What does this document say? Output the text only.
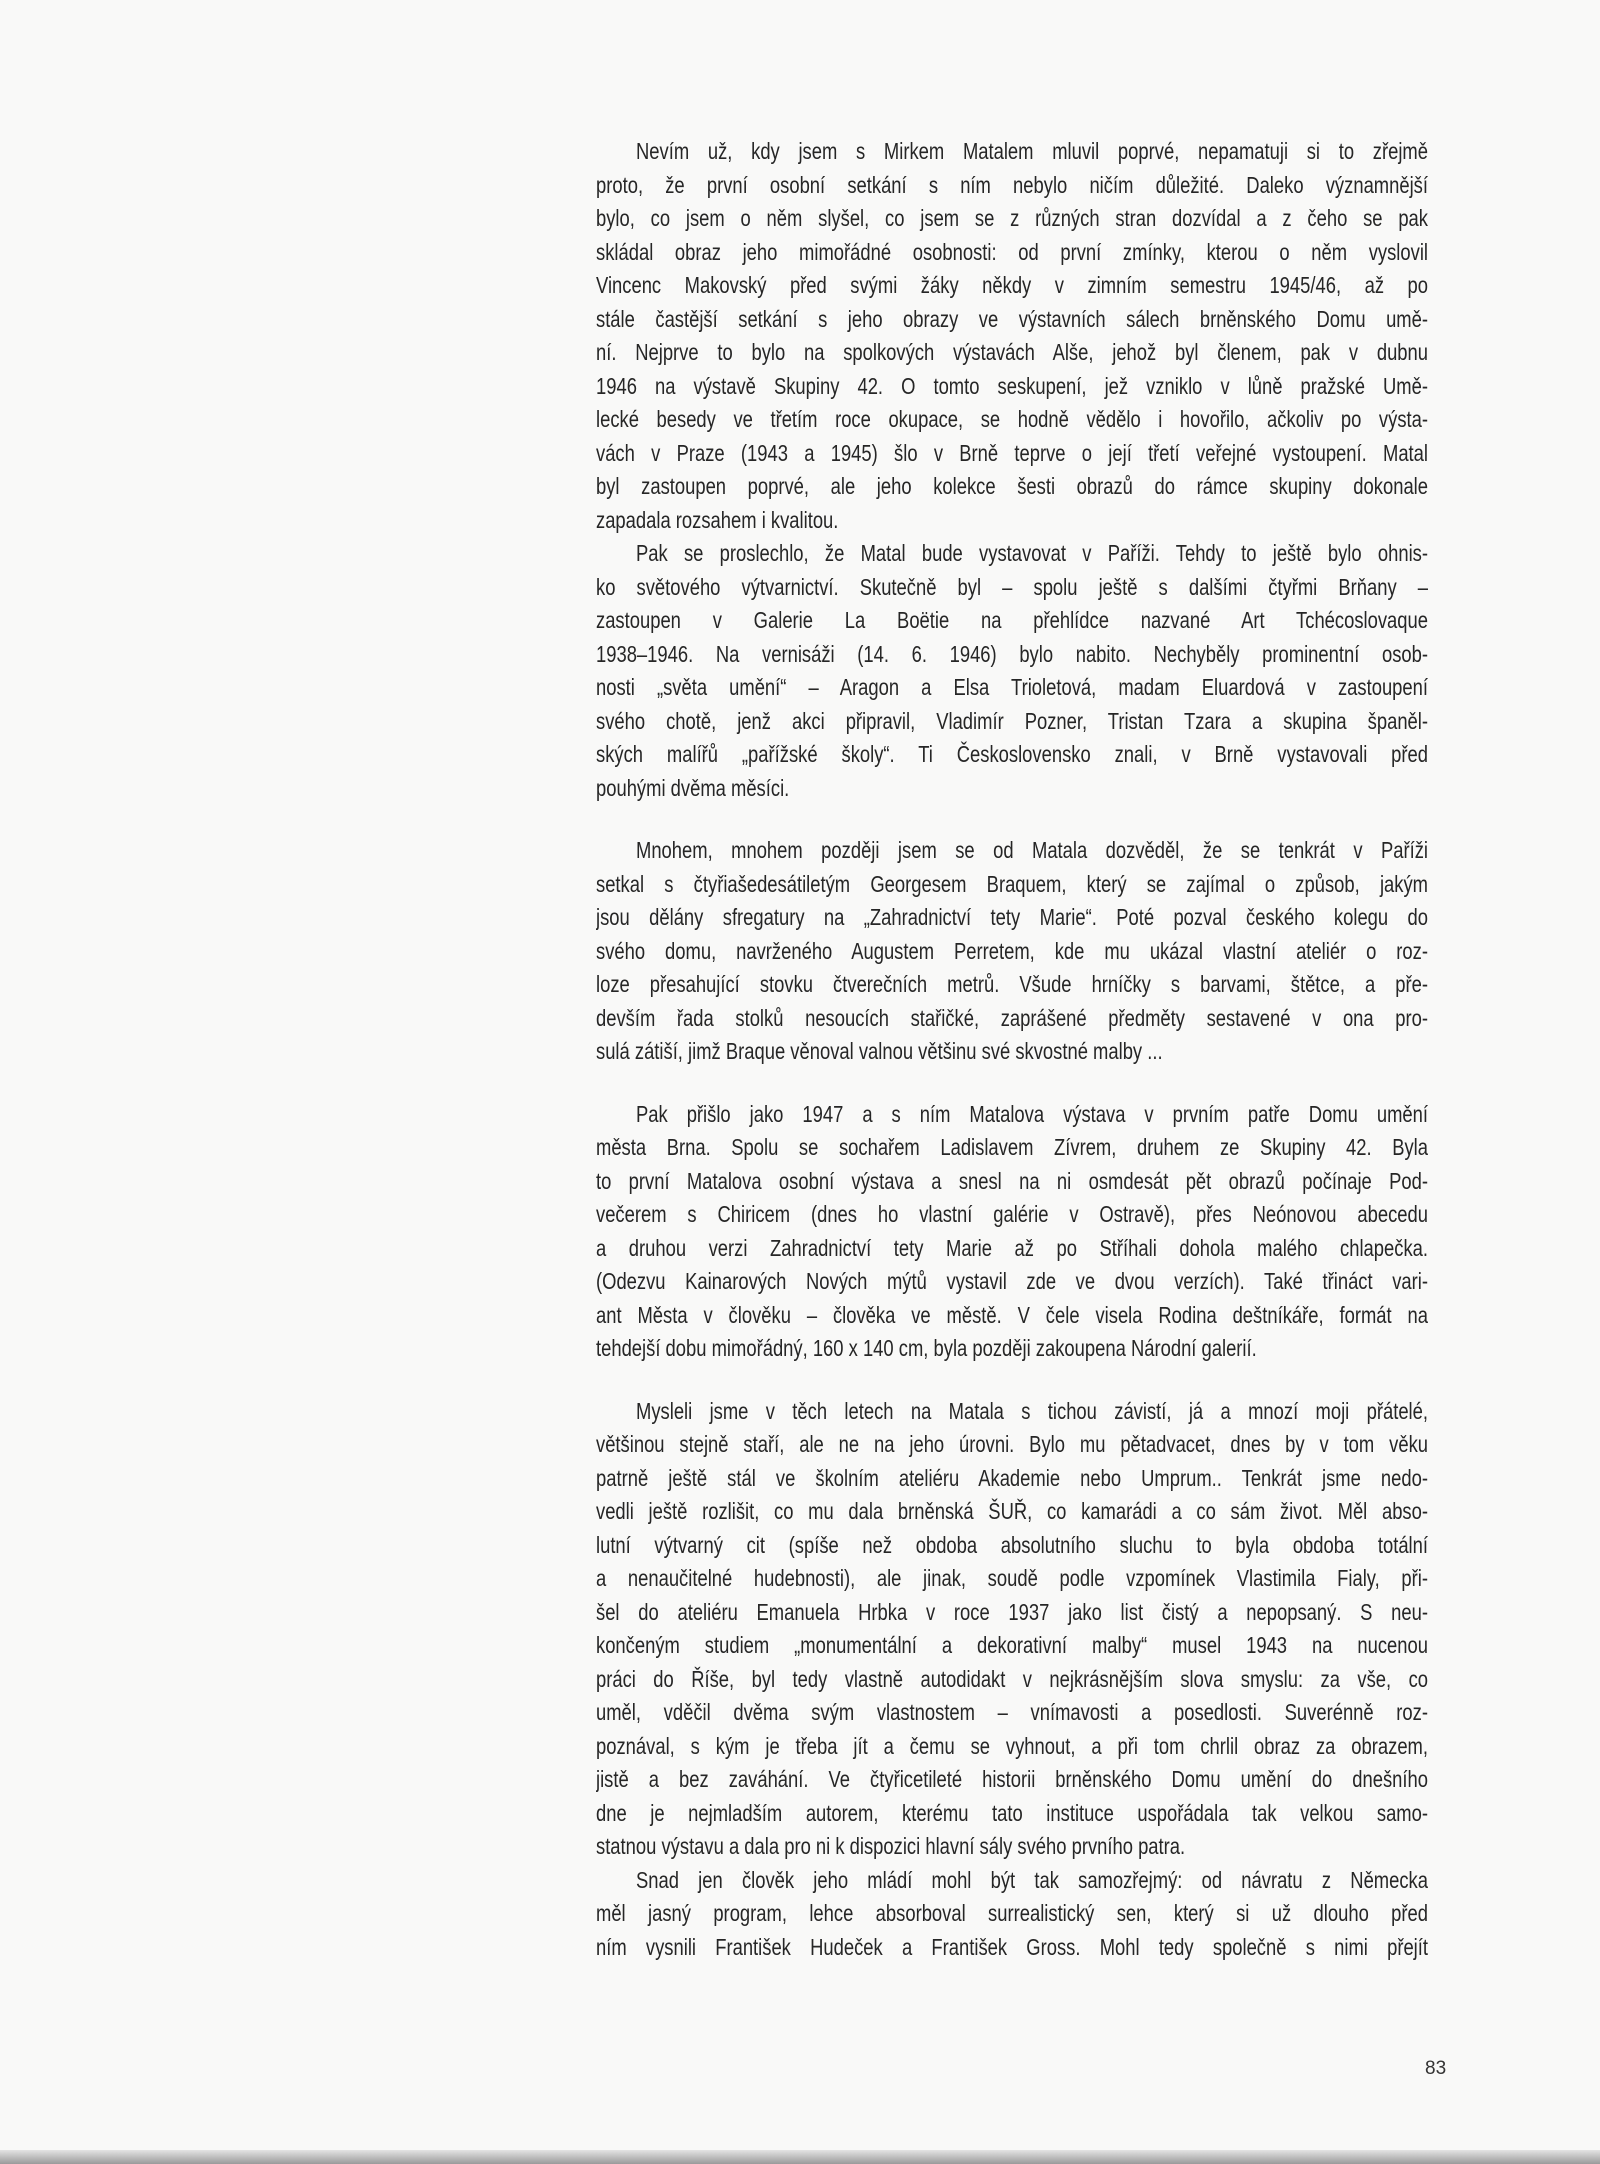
Nevím už, kdy jsem s Mirkem Matalem mluvil poprvé, nepamatuji si to zřejmě
proto, že první osobní setkání s ním nebylo ničím důležité. Daleko významnější
bylo, co jsem o něm slyšel, co jsem se z různých stran dozvídal a z čeho se pak
skládal obraz jeho mimořádné osobnosti: od první zmínky, kterou o něm vyslovil
Vincenc Makovský před svými žáky někdy v zimním semestru 1945/46, až po
stále častější setkání s jeho obrazy ve výstavních sálech brněnského Domu umě-
ní. Nejprve to bylo na spolkových výstavách Alše, jehož byl členem, pak v dubnu
1946 na výstavě Skupiny 42. O tomto seskupení, jež vzniklo v lůně pražské Umě-
lecké besedy ve třetím roce okupace, se hodně vědělo i hovořilo, ačkoliv po výsta-
vách v Praze (1943 a 1945) šlo v Brně teprve o její třetí veřejné vystoupení. Matal
byl zastoupen poprvé, ale jeho kolekce šesti obrazů do rámce skupiny dokonale
zapadala rozsahem i kvalitou.
Pak se proslechlo, že Matal bude vystavovat v Paříži. Tehdy to ještě bylo ohnis-
ko světového výtvarnictví. Skutečně byl – spolu ještě s dalšími čtyřmi Brňany –
zastoupen v Galerie La Boëtie na přehlídce nazvané Art Tchécoslovaque
1938–1946. Na vernisáži (14. 6. 1946) bylo nabito. Nechyběly prominentní osob-
nosti „světa umění“ – Aragon a Elsa Trioletová, madam Eluardová v zastoupení
svého chotě, jenž akci připravil, Vladimír Pozner, Tristan Tzara a skupina španěl-
ských malířů „pařížské školy“. Ti Československo znali, v Brně vystavovali před
pouhými dvěma měsíci.
Mnohem, mnohem později jsem se od Matala dozvěděl, že se tenkrát v Paříži
setkal s čtyřiašedesátiletým Georgesem Braquem, který se zajímal o způsob, jakým
jsou dělány sfregatury na „Zahradnictví tety Marie“. Poté pozval českého kolegu do
svého domu, navrženého Augustem Perretem, kde mu ukázal vlastní ateliér o roz-
loze přesahující stovku čtverečních metrů. Všude hrníčky s barvami, štětce, a pře-
devším řada stolků nesoucích stařičké, zaprášené předměty sestavené v ona pro-
sulá zátiší, jimž Braque věnoval valnou většinu své skvostné malby ...
Pak přišlo jako 1947 a s ním Matalova výstava v prvním patře Domu umění
města Brna. Spolu se sochařem Ladislavem Zívrem, druhem ze Skupiny 42. Byla
to první Matalova osobní výstava a snesl na ni osmdesát pět obrazů počínaje Pod-
večerem s Chiricem (dnes ho vlastní galérie v Ostravě), přes Neónovou abecedu
a druhou verzi Zahradnictví tety Marie až po Stříhali dohola malého chlapečka.
(Odezvu Kainarových Nových mýtů vystavil zde ve dvou verzích). Také třináct vari-
ant Města v člověku – člověka ve městě. V čele visela Rodina deštníkáře, formát na
tehdejší dobu mimořádný, 160 x 140 cm, byla později zakoupena Národní galerií.
Mysleli jsme v těch letech na Matala s tichou závistí, já a mnozí moji přátelé,
většinou stejně staří, ale ne na jeho úrovni. Bylo mu pětadvacet, dnes by v tom věku
patrně ještě stál ve školním ateliéru Akademie nebo Umprum.. Tenkrát jsme nedo-
vedli ještě rozlišit, co mu dala brněnská ŠUŘ, co kamarádi a co sám život. Měl abso-
lutní výtvarný cit (spíše než obdoba absolutního sluchu to byla obdoba totální
a nenaučitelné hudebnosti), ale jinak, soudě podle vzpomínek Vlastimila Fialy, při-
šel do ateliéru Emanuela Hrbka v roce 1937 jako list čistý a nepopsaný. S neu-
končeným studiem „monumentální a dekorativní malby“ musel 1943 na nucenou
práci do Říše, byl tedy vlastně autodidakt v nejkrásnějším slova smyslu: za vše, co
uměl, vděčil dvěma svým vlastnostem – vnímavosti a posedlosti. Suverénně roz-
poznával, s kým je třeba jít a čemu se vyhnout, a při tom chrlil obraz za obrazem,
jistě a bez zaváhání. Ve čtyřicetileté historii brněnského Domu umění do dnešního
dne je nejmladším autorem, kterému tato instituce uspořádala tak velkou samo-
statnou výstavu a dala pro ni k dispozici hlavní sály svého prvního patra.
Snad jen člověk jeho mládí mohl být tak samozřejmý: od návratu z Německa
měl jasný program, lehce absorboval surrealistický sen, který si už dlouho před
ním vysnili František Hudeček a František Gross. Mohl tedy společně s nimi přejít
83
